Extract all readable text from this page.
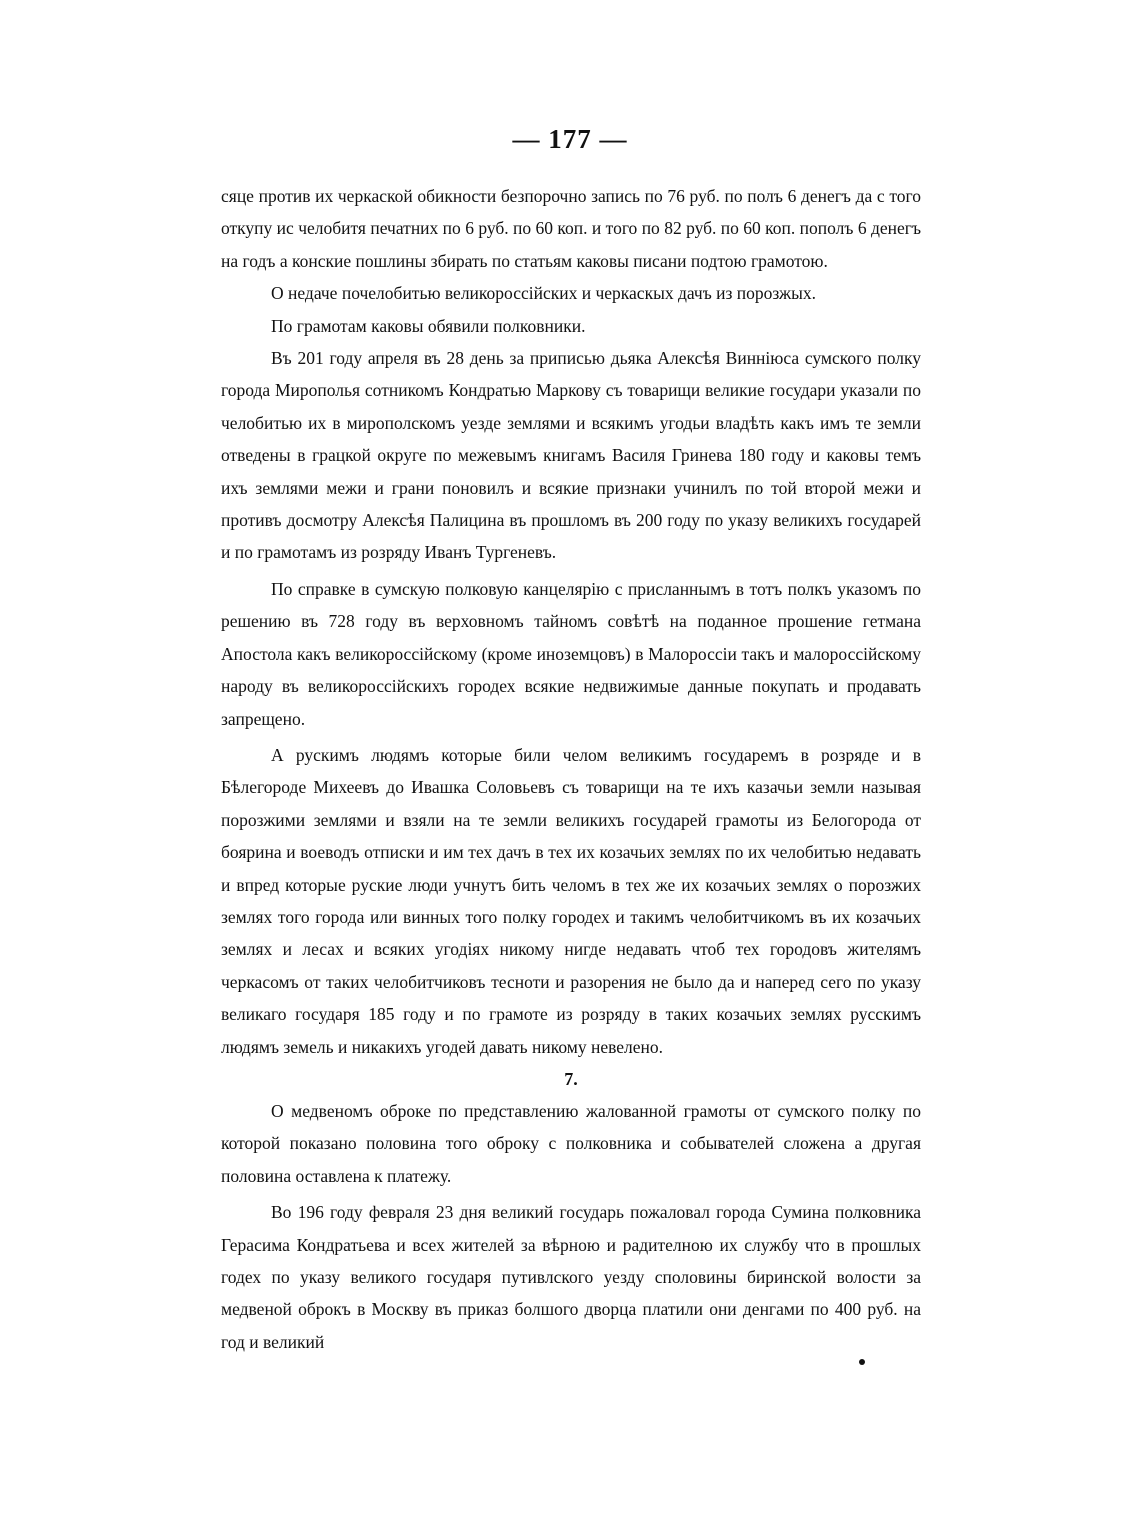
— 177 —

сяце против их черкаской обикности безпорочно запись по 76 руб. по полъ 6 денегъ да с того откупу ис челобитя печатних по 6 руб. по 60 коп. и того по 82 руб. по 60 коп. пополъ 6 денегъ на годъ а конские пошлины збирать по статьям каковы писани подтою грамотою.

О недаче почелобитью великороссійских и черкаскых дачъ из порозжых.

По грамотам каковы обявили полковники.

Въ 201 году апреля въ 28 день за приписью дьяка Алексѣя Виннiюса сумского полку города Мирополья сотникомъ Кондратью Маркову съ товарищи великие государи указали по челобитью их в мирополскомъ уезде землями и всякимъ угодьи владѣть какъ имъ те земли отведены в грацкой округе по межевымъ книгамъ Василя Гринева 180 году и каковы темъ ихъ землями межи и грани поновилъ и всякие признаки учинилъ по той второй межи и противъ досмотру Алексѣя Палицина въ прошломъ въ 200 году по указу великихъ государей и по грамотамъ из розряду Иванъ Тургеневъ.

По справке в сумскую полковую канцелярiю с присланнымъ в тотъ полкъ указомъ по решению въ 728 году въ верховномъ тайномъ совѣтѣ на поданное прошение гетмана Апостола какъ великороссiйскому (кроме иноземцовъ) в Малороссiи такъ и малороссiйскому народу въ великороссiйскихъ городех всякие недвижимые данные покупать и продавать запрещено.

А рускимъ людямъ которые били челом великимъ государемъ в розряде и в Бѣлегороде Михеевъ до Ивашка Соловьевъ съ товарищи на те ихъ казачьи земли называя порозжими землями и взяли на те земли великихъ государей грамоты из Белогорода от боярина и воеводъ отписки и им тех дачъ в тех их козачьих землях по их челобитью недавать и впред которые руские люди учнутъ бить челомъ в тех же их козачьих землях о порозжих землях того города или винных того полку городех и такимъ челобитчикомъ въ их козачьих землях и лесах и всяких угодiях никому нигде недавать чтоб тех городовъ жителямъ черкасомъ от таких челобитчиковъ тесноти и разорения не было да и наперед сего по указу великаго государя 185 году и по грамоте из розряду в таких козачьих землях русскимъ людямъ земель и никакихъ угодей давать никому невелено.

7.

О медвеномъ оброке по представлению жалованной грамоты от сумского полку по которой показано половина того оброку с полковника и собывателей сложена а другая половина оставлена к платежу.

Во 196 году февраля 23 дня великий государь пожаловал города Сумина полковника Герасима Кондратьева и всех жителей за вѣрною и радителною их службу что в прошлых годех по указу великого государя путивлского уезду споловины биринской волости за медвеной оброкъ в Москву въ приказ болшого дворца платили они денгами по 400 руб. на год и великий
